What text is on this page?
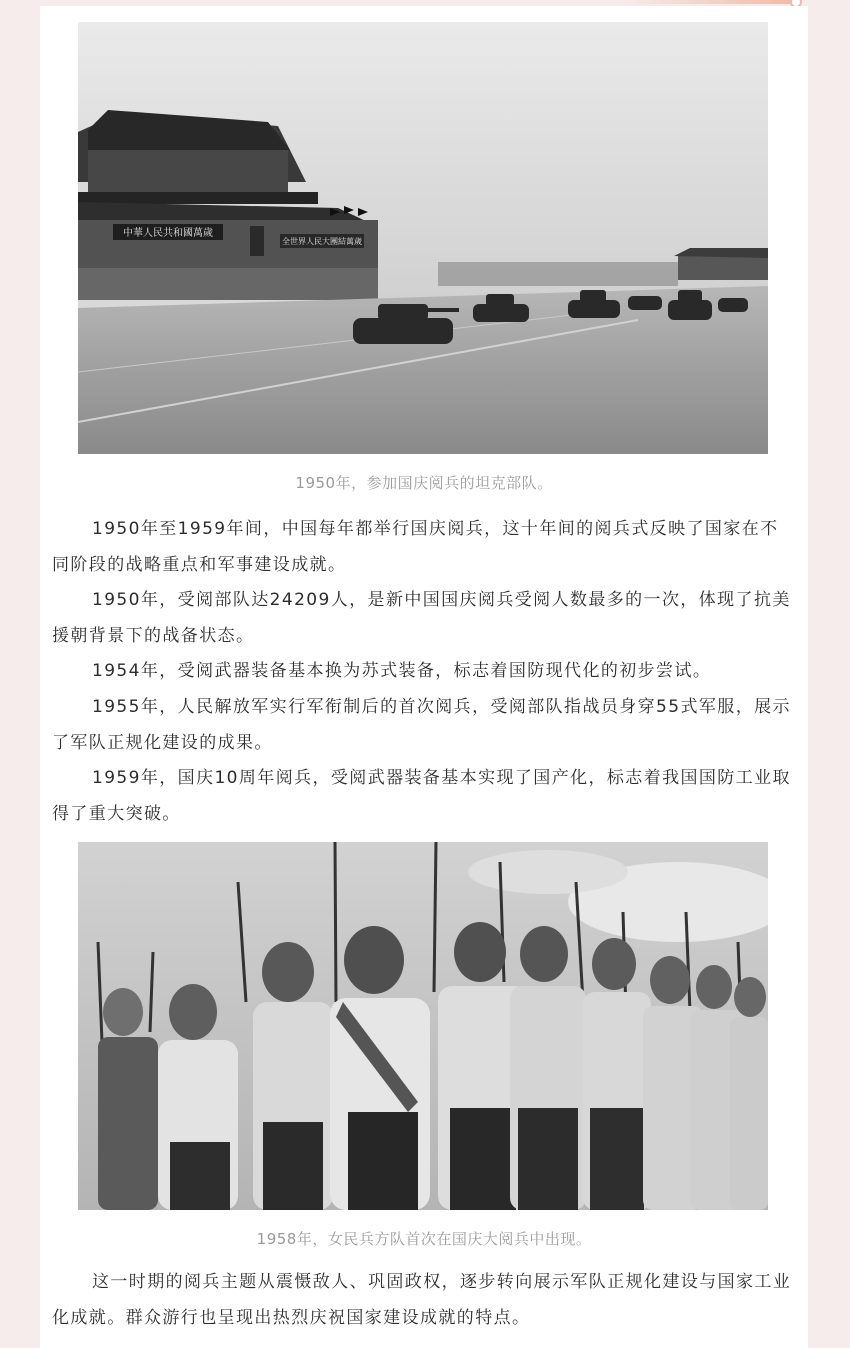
中華人民共和國萬歲
全世界人民大團結萬歲
1950年，参加国庆阅兵的坦克部队。

1950年至1959年间，中国每年都举行国庆阅兵，这十年间的阅兵式反映了国家在不同阶段的战略重点和军事建设成就。

1950年，受阅部队达24209人，是新中国国庆阅兵受阅人数最多的一次，体现了抗美援朝背景下的战备状态。

1954年，受阅武器装备基本换为苏式装备，标志着国防现代化的初步尝试。

1955年，人民解放军实行军衔制后的首次阅兵，受阅部队指战员身穿55式军服，展示了军队正规化建设的成果。

1959年，国庆10周年阅兵，受阅武器装备基本实现了国产化，标志着我国国防工业取得了重大突破。

1958年，女民兵方队首次在国庆大阅兵中出现。

这一时期的阅兵主题从震慑敌人、巩固政权，逐步转向展示军队正规化建设与国家工业化成就。群众游行也呈现出热烈庆祝国家建设成就的特点。
